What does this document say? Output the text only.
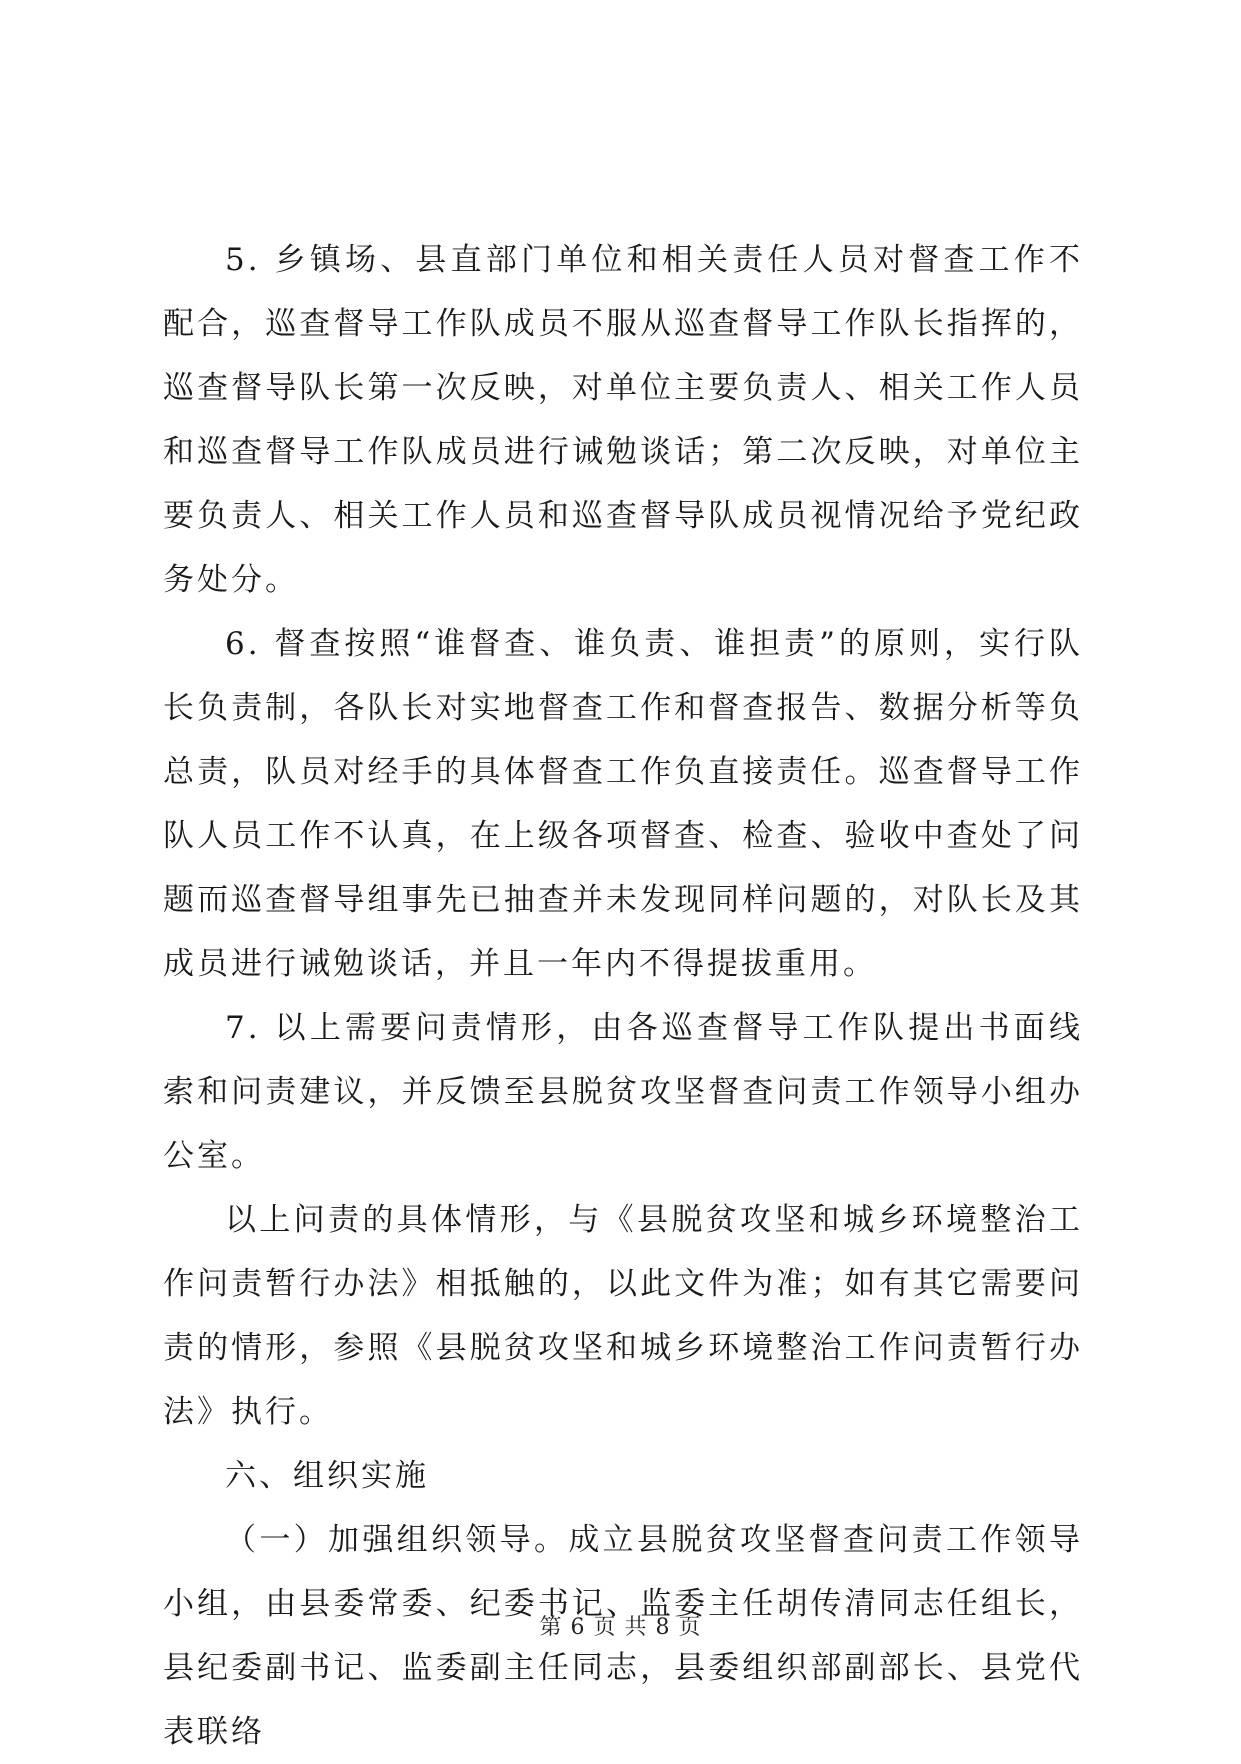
5. 乡镇场、县直部门单位和相关责任人员对督查工作不配合，巡查督导工作队成员不服从巡查督导工作队长指挥的，巡查督导队长第一次反映，对单位主要负责人、相关工作人员和巡查督导工作队成员进行诫勉谈话；第二次反映，对单位主要负责人、相关工作人员和巡查督导队成员视情况给予党纪政务处分。

6. 督查按照“谁督查、谁负责、谁担责”的原则，实行队长负责制，各队长对实地督查工作和督查报告、数据分析等负总责，队员对经手的具体督查工作负直接责任。巡查督导工作队人员工作不认真，在上级各项督查、检查、验收中查处了问题而巡查督导组事先已抽查并未发现同样问题的，对队长及其成员进行诫勉谈话，并且一年内不得提拔重用。

7. 以上需要问责情形，由各巡查督导工作队提出书面线索和问责建议，并反馈至县脱贫攻坚督查问责工作领导小组办公室。

以上问责的具体情形，与《县脱贫攻坚和城乡环境整治工作问责暂行办法》相抵触的，以此文件为准；如有其它需要问责的情形，参照《县脱贫攻坚和城乡环境整治工作问责暂行办法》执行。

六、组织实施

（一）加强组织领导。成立县脱贫攻坚督查问责工作领导小组，由县委常委、纪委书记、监委主任胡传清同志任组长，县纪委副书记、监委副主任同志，县委组织部副部长、县党代表联络

第 6 页 共 8 页
